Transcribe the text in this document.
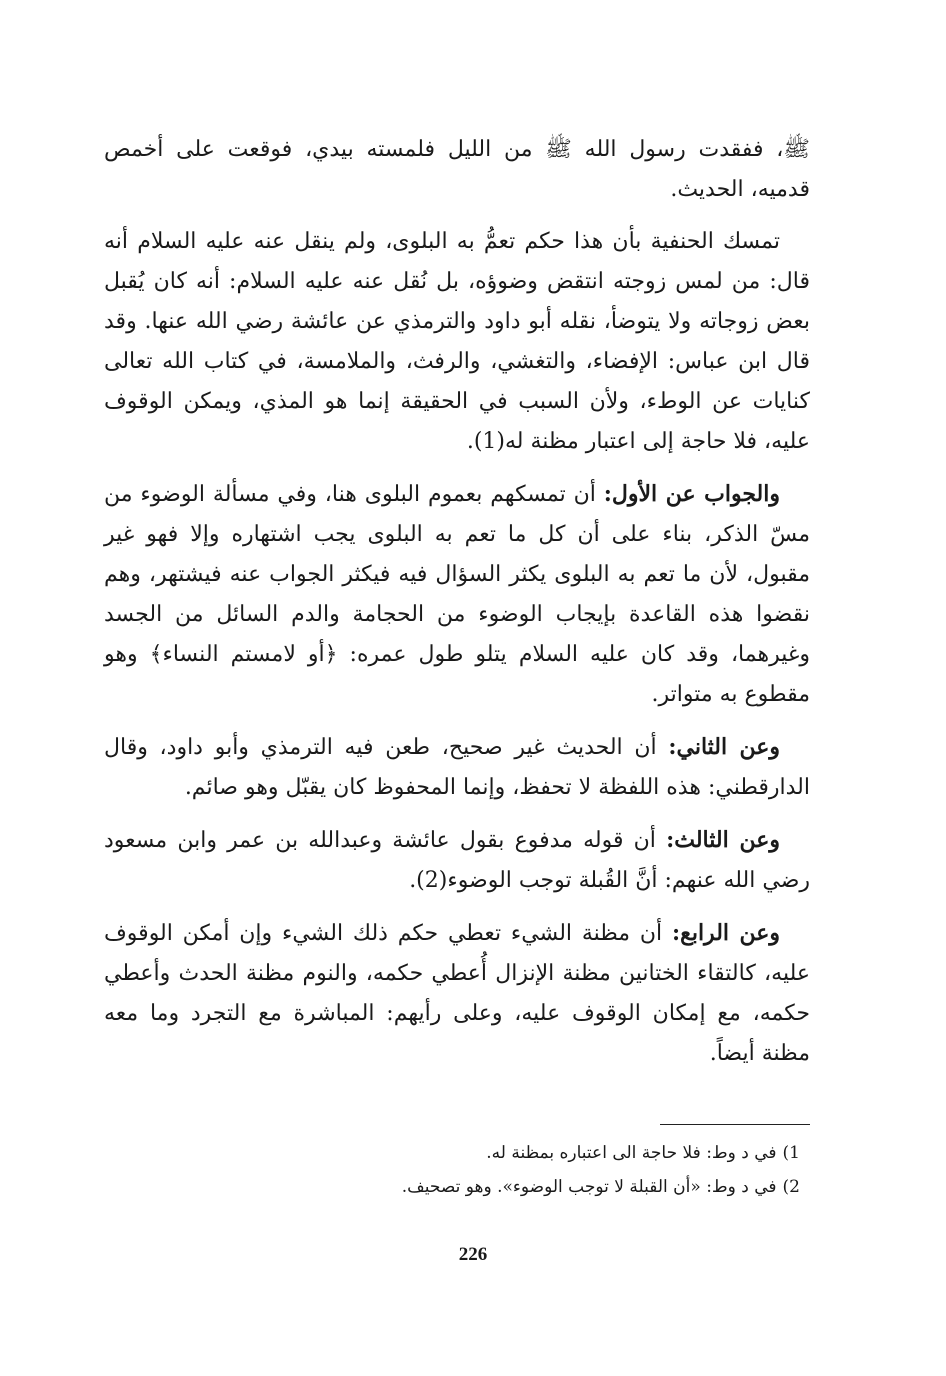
ﷺ، ففقدت رسول الله ﷺ من الليل فلمسته بيدي، فوقعت على أخمص قدميه، الحديث.

تمسك الحنفية بأن هذا حكم تعمُّ به البلوى، ولم ينقل عنه عليه السلام أنه قال: من لمس زوجته انتقض وضوؤه، بل نُقل عنه عليه السلام: أنه كان يُقبل بعض زوجاته ولا يتوضأ، نقله أبو داود والترمذي عن عائشة رضي الله عنها. وقد قال ابن عباس: الإفضاء، والتغشي، والرفث، والملامسة، في كتاب الله تعالى كنايات عن الوطء، ولأن السبب في الحقيقة إنما هو المذي، ويمكن الوقوف عليه، فلا حاجة إلى اعتبار مظنة له(1).

والجواب عن الأول: أن تمسكهم بعموم البلوى هنا، وفي مسألة الوضوء من مسّ الذكر، بناء على أن كل ما تعم به البلوى يجب اشتهاره وإلا فهو غير مقبول، لأن ما تعم به البلوى يكثر السؤال فيه فيكثر الجواب عنه فيشتهر، وهم نقضوا هذه القاعدة بإيجاب الوضوء من الحجامة والدم السائل من الجسد وغيرهما، وقد كان عليه السلام يتلو طول عمره: ﴿أو لامستم النساء﴾ وهو مقطوع به متواتر.

وعن الثاني: أن الحديث غير صحيح، طعن فيه الترمذي وأبو داود، وقال الدارقطني: هذه اللفظة لا تحفظ، وإنما المحفوظ كان يقبّل وهو صائم.

وعن الثالث: أن قوله مدفوع بقول عائشة وعبدالله بن عمر وابن مسعود رضي الله عنهم: أنَّ القُبلة توجب الوضوء(2).

وعن الرابع: أن مظنة الشيء تعطي حكم ذلك الشيء وإن أمكن الوقوف عليه، كالتقاء الختانين مظنة الإنزال أُعطي حكمه، والنوم مظنة الحدث وأعطي حكمه، مع إمكان الوقوف عليه، وعلى رأيهم: المباشرة مع التجرد وما معه مظنة أيضاً.

1)في د وط: فلا حاجة الى اعتباره بمظنة له.
2)في د وط: «أن القبلة لا توجب الوضوء». وهو تصحيف.
226
